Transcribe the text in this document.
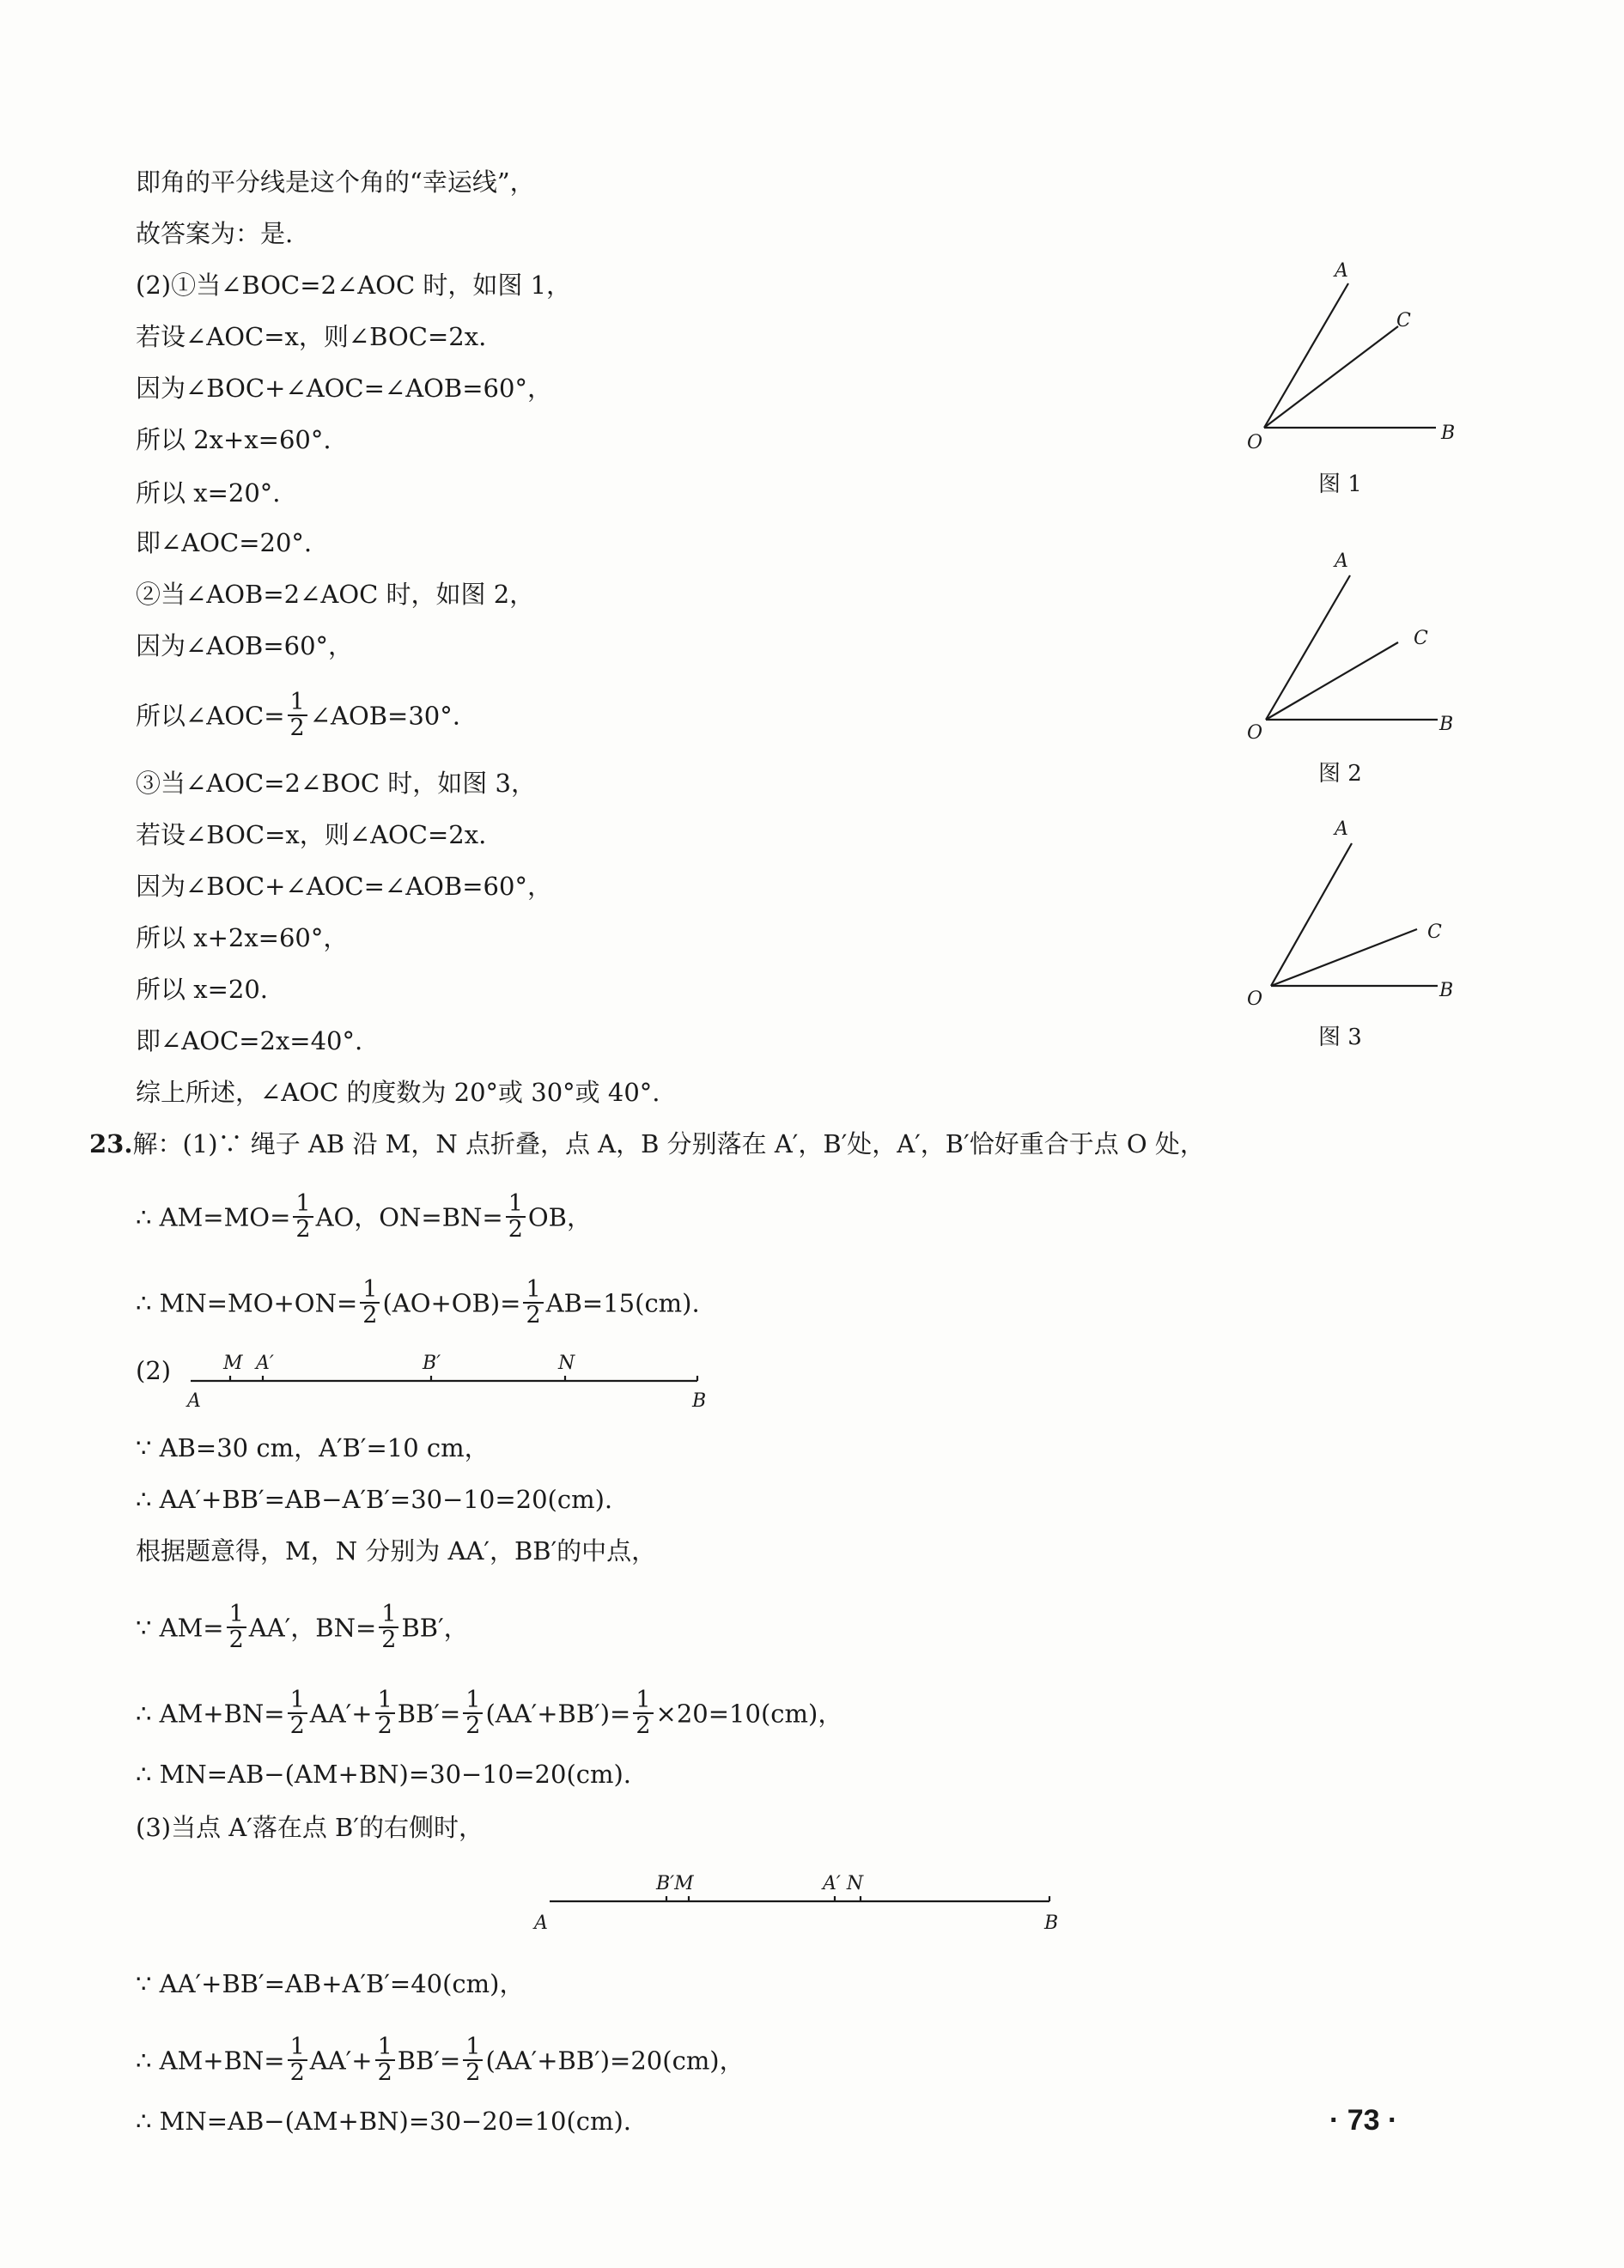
即角的平分线是这个角的“幸运线”，
故答案为：是.
(2)①当∠BOC=2∠AOC 时，如图 1，
若设∠AOC=x，则∠BOC=2x.
因为∠BOC+∠AOC=∠AOB=60°，
所以 2x+x=60°.
所以 x=20°.
即∠AOC=20°.
②当∠AOB=2∠AOC 时，如图 2，
因为∠AOB=60°，
所以∠AOC= $\frac{1}{2}$ ∠AOB=30°.
③当∠AOC=2∠BOC 时，如图 3，
若设∠BOC=x，则∠AOC=2x.
因为∠BOC+∠AOC=∠AOB=60°，
所以 x+2x=60°，
所以 x=20.
即∠AOC=2x=40°.
综上所述，∠AOC 的度数为 20°或 30°或 40°.
A
C
B
O
图 1
A
C
B
O
图 2
A
C
B
O
图 3
23.解：(1)∵ 绳子 AB 沿 M，N 点折叠，点 A，B 分别落在 A′，B′处，A′，B′恰好重合于点 O 处，
∴ $AM=MO= \frac{1}{2}$ AO，$ON=BN= \frac{1}{2}$ OB，
∴ $MN=MO+ON= \frac{1}{2} (AO+OB)= \frac{1}{2} AB=15(cm)$.
(2)	M A′	B′	N
A	B
∵ AB=30 cm，A′B′=10 cm，
∴ AA′+BB′=AB−A′B′=30−10=20(cm).
根据题意得，M，N 分别为 AA′，BB′的中点，
∵ $AM= \frac{1}{2} AA'$，$BN= \frac{1}{2} BB'$，
∴ $AM+BN= \frac{1}{2} AA'+ \frac{1}{2} BB'= \frac{1}{2} (AA'+BB')= \frac{1}{2} \times 20=10(cm)$，
∴ MN=AB−(AM+BN)=30−10=20(cm).
(3)当点 A′落在点 B′的右侧时，
B′M	A′ N
A	B
∵ AA′+BB′=AB+A′B′=40(cm)，
∴ $AM+BN= \frac{1}{2} AA'+ \frac{1}{2} BB'= \frac{1}{2} (AA'+BB')=20(cm)$，
∴ MN=AB−(AM+BN)=30−20=10(cm).	· 73 ·
